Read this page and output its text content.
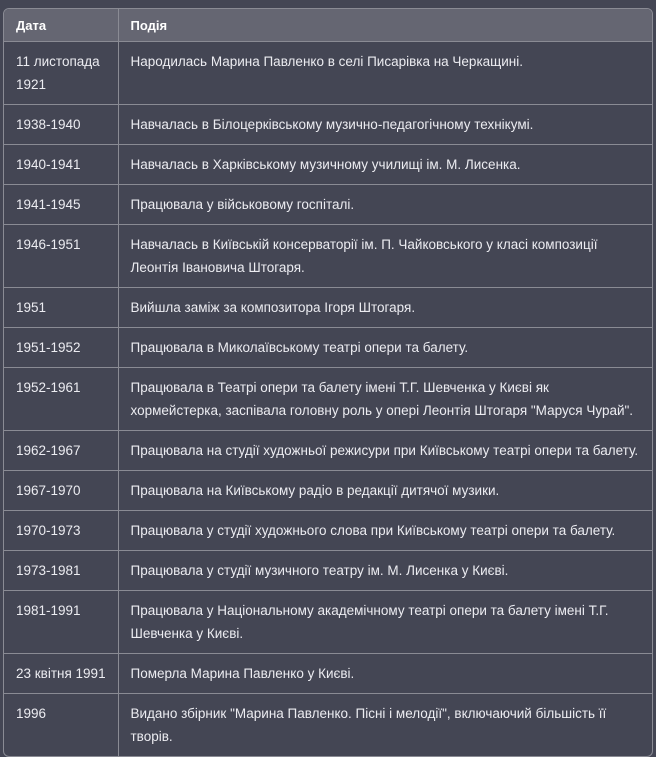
Дата	Подія
11 листопада 1921	Народилась Марина Павленко в селі Писарівка на Черкащині.
1938-1940	Навчалась в Білоцерківському музично-педагогічному технікумі.
1940-1941	Навчалась в Харківському музичному училищі ім. М. Лисенка.
1941-1945	Працювала у військовому госпіталі.
1946-1951	Навчалась в Київській консерваторії ім. П. Чайковського у класі композиції Леонтія Івановича Штогаря.
1951	Вийшла заміж за композитора Ігоря Штогаря.
1951-1952	Працювала в Миколаївському театрі опери та балету.
1952-1961	Працювала в Театрі опери та балету імені Т.Г. Шевченка у Києві як хормейстерка, заспівала головну роль у опері Леонтія Штогаря "Маруся Чурай".
1962-1967	Працювала на студії художньої режисури при Київському театрі опери та балету.
1967-1970	Працювала на Київському радіо в редакції дитячої музики.
1970-1973	Працювала у студії художнього слова при Київському театрі опери та балету.
1973-1981	Працювала у студії музичного театру ім. М. Лисенка у Києві.
1981-1991	Працювала у Національному академічному театрі опери та балету імені Т.Г. Шевченка у Києві.
23 квітня 1991	Померла Марина Павленко у Києві.
1996	Видано збірник "Марина Павленко. Пісні і мелодії", включаючий більшість її творів.
